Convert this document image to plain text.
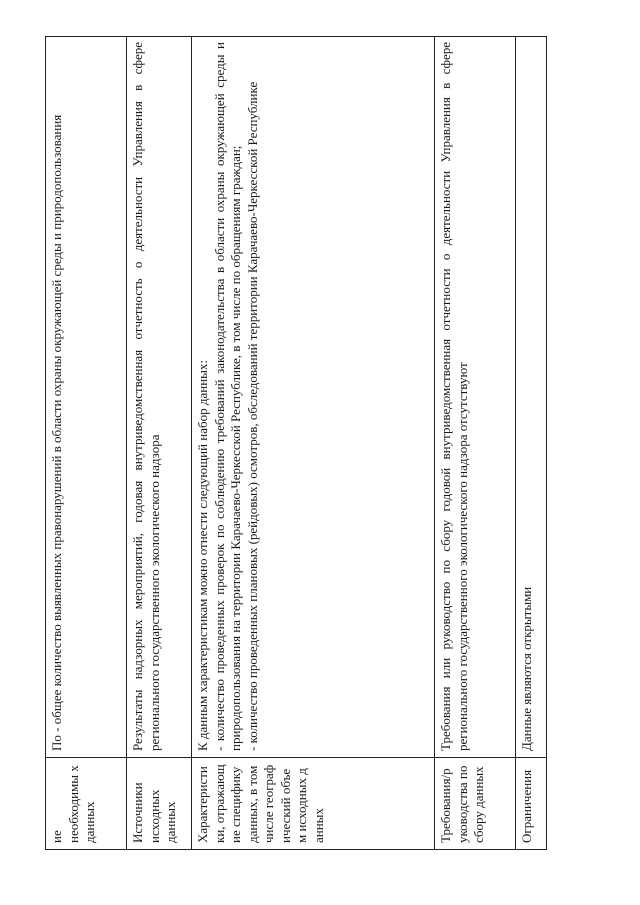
ие необходимы х данных	По - общее количество выявленных правонарушений в области охраны окружающей среды и природопользования
Источники исходных данных	Результаты надзорных мероприятий, годовая внутриведомственная отчетность о деятельности Управления в сфере регионального государственного экологического надзора
Характеристики, отражающие специфику данных, в том числе географический объем исходных данных	К данным характеристикам можно отнести следующий набор данных: - количество проведенных проверок по соблюдению требований законодательства в области охраны окружающей среды и природопользования на территории Карачаево-Черкесской Республике, в том числе по обращениям граждан; - количество проведенных плановых (рейдовых) осмотров, обследований территории Карачаево-Черкесской Республике

Требования/руководства по сбору данных	Требования или руководство по сбору годовой внутриведомственная отчетности о деятельности Управления в сфере регионального государственного экологического надзора отсутствуют
Ограничения	Данные являются открытыми
